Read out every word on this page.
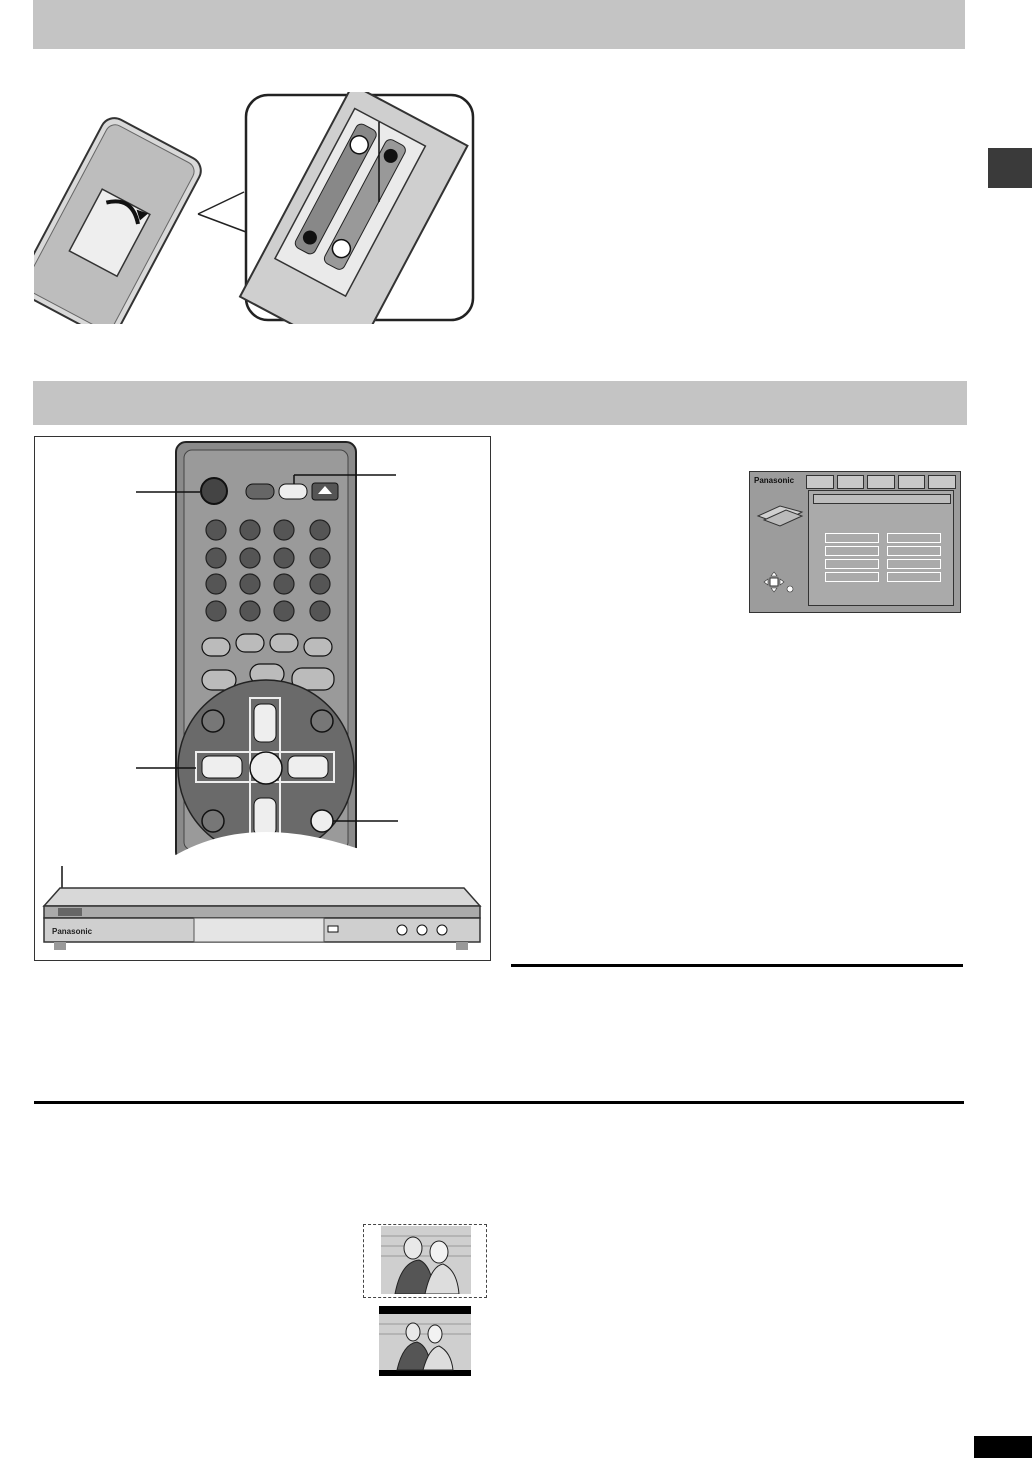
Panasonic
Panasonic
